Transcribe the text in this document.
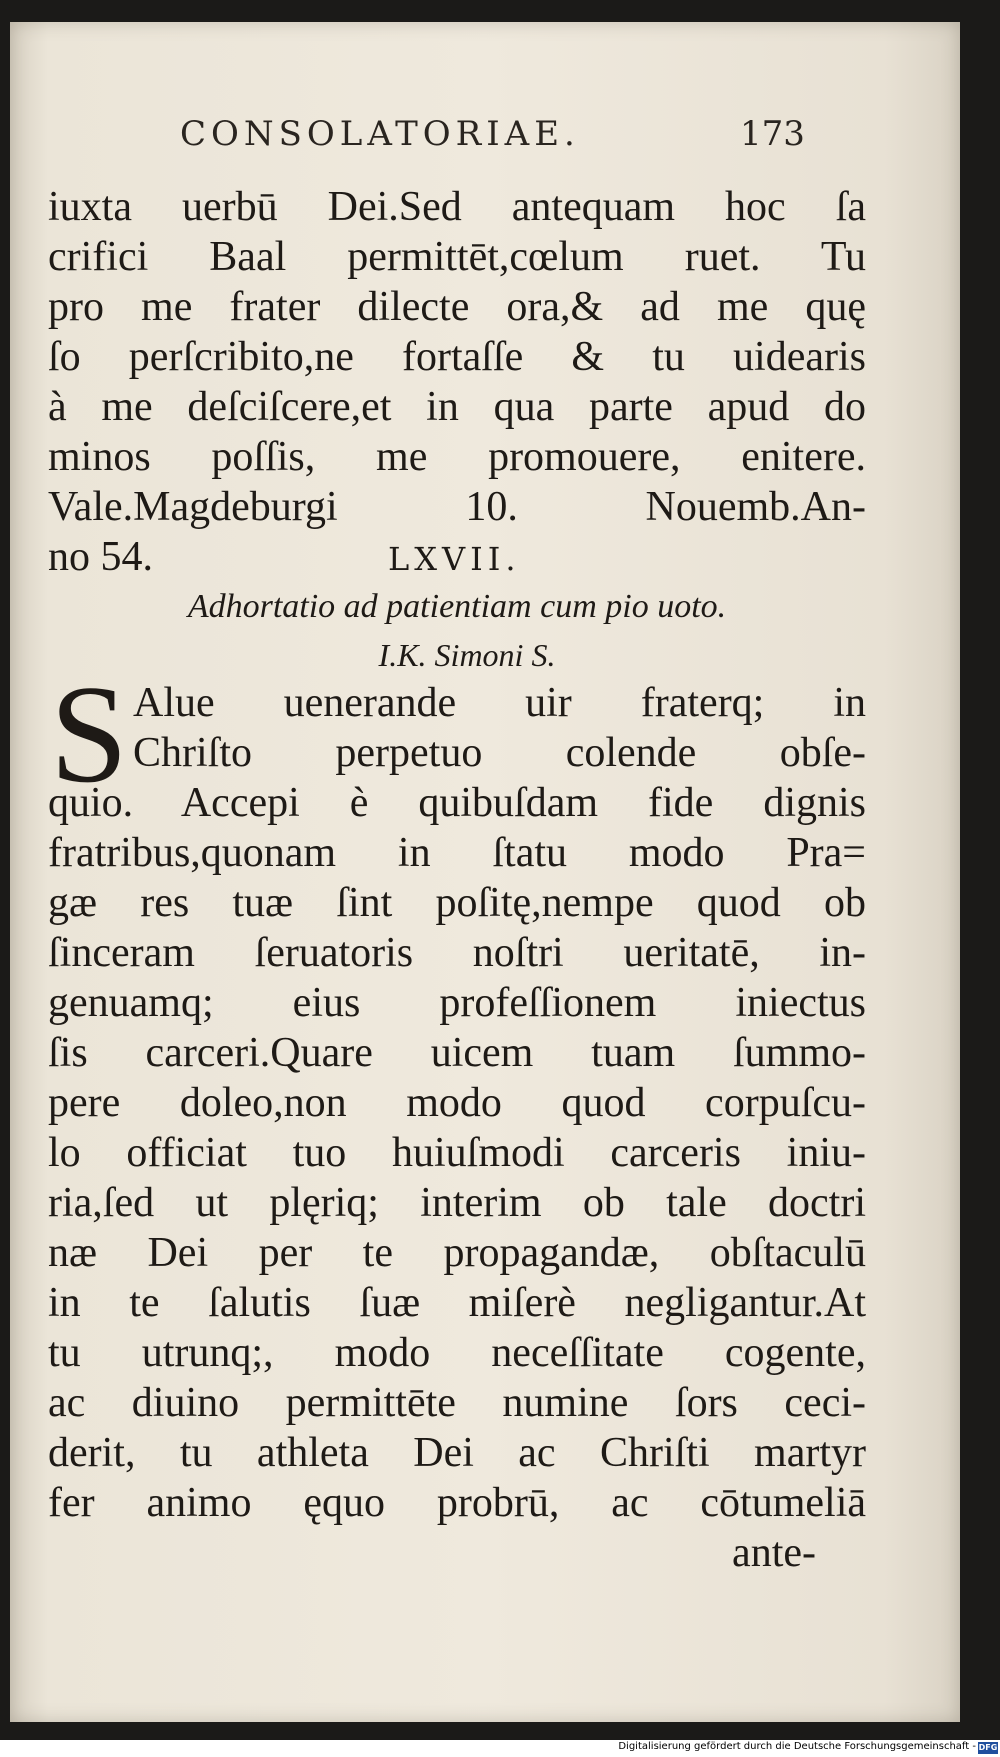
CONSOLATORIAE.	173
iuxta uerbū Dei.Sed antequam hoc ſa
crifici Baal permittēt,cœlum ruet. Tu
pro me frater dilecte ora,& ad me quę
ſo perſcribito,ne fortaſſe & tu uidearis
à me deſciſcere,et in qua parte apud do
minos poſſis, me promouere, enitere.
Vale.Magdeburgi 10. Nouemb.An-
no 54.	LXVII.
Adhortatio ad patientiam cum pio uoto.
I.K. Simoni S.
S Alue uenerande uir fraterq; in
Chriſto perpetuo colende obſe-
quio. Accepi è quibuſdam fide dignis
fratribus,quonam in ſtatu modo Pra=
gæ res tuæ ſint poſitę,nempe quod ob
ſinceram ſeruatoris noſtri ueritatē, in-
genuamq; eius profeſſionem iniectus
ſis carceri.Quare uicem tuam ſummo-
pere doleo,non modo quod corpuſcu-
lo officiat tuo huiuſmodi carceris iniu-
ria,ſed ut plęriq; interim ob tale doctri
næ Dei per te propagandæ, obſtaculū
in te ſalutis ſuæ miſerè negligantur.At
tu utrunq;, modo neceſſitate cogente,
ac diuino permittēte numine ſors ceci-
derit, tu athleta Dei ac Chriſti martyr
fer animo ęquo probrū, ac cōtumeliā
ante-
Digitalisierung gefördert durch die Deutsche Forschungsgemeinschaft - DFG
